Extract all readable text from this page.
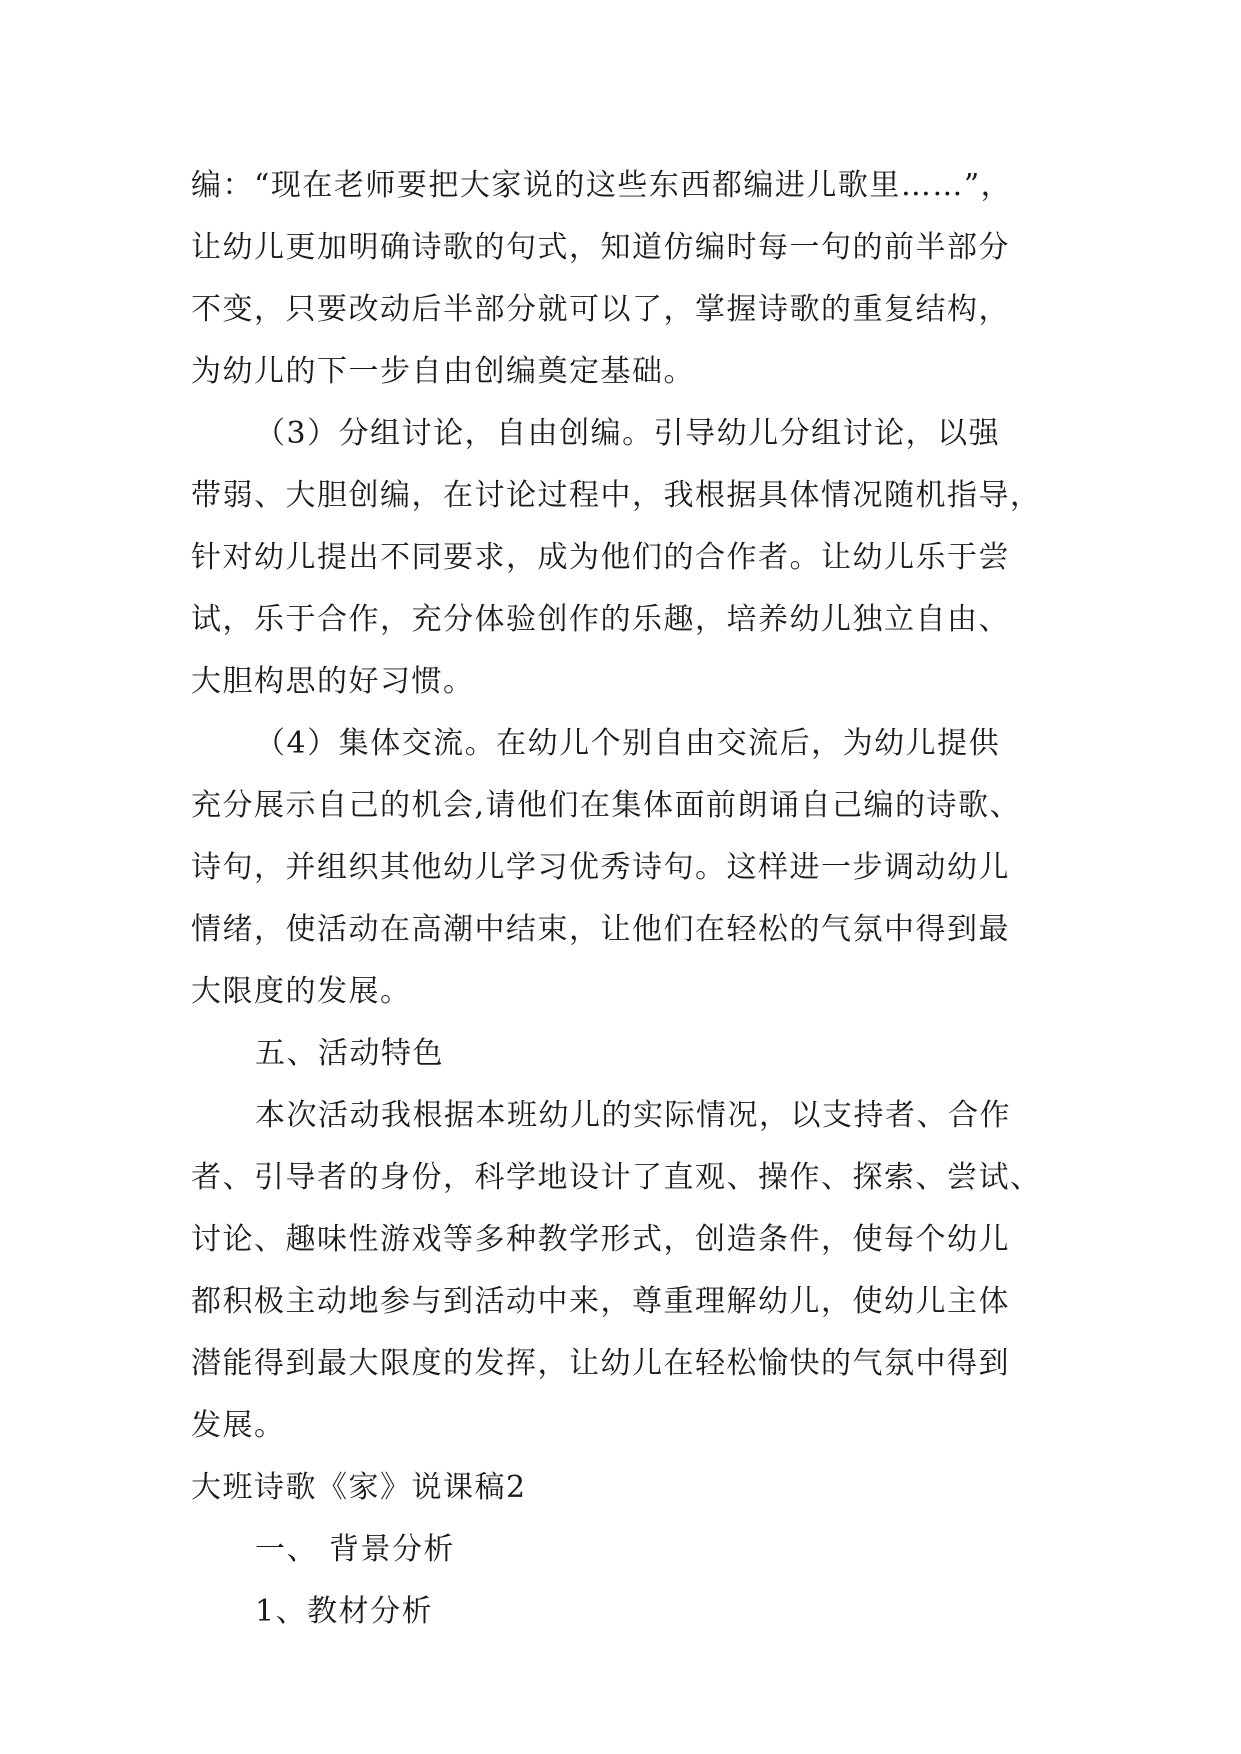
编：“现在老师要把大家说的这些东西都编进儿歌里……”，
让幼儿更加明确诗歌的句式，知道仿编时每一句的前半部分
不变，只要改动后半部分就可以了，掌握诗歌的重复结构，
为幼儿的下一步自由创编奠定基础。
（3）分组讨论，自由创编。引导幼儿分组讨论，以强
带弱、大胆创编，在讨论过程中，我根据具体情况随机指导，
针对幼儿提出不同要求，成为他们的合作者。让幼儿乐于尝
试，乐于合作，充分体验创作的乐趣，培养幼儿独立自由、
大胆构思的好习惯。
（4）集体交流。在幼儿个别自由交流后，为幼儿提供
充分展示自己的机会,请他们在集体面前朗诵自己编的诗歌、
诗句，并组织其他幼儿学习优秀诗句。这样进一步调动幼儿
情绪，使活动在高潮中结束，让他们在轻松的气氛中得到最
大限度的发展。
五、活动特色
本次活动我根据本班幼儿的实际情况，以支持者、合作
者、引导者的身份，科学地设计了直观、操作、探索、尝试、
讨论、趣味性游戏等多种教学形式，创造条件，使每个幼儿
都积极主动地参与到活动中来，尊重理解幼儿，使幼儿主体
潜能得到最大限度的发挥，让幼儿在轻松愉快的气氛中得到
发展。
大班诗歌《家》说课稿2
一、 背景分析
1、教材分析
